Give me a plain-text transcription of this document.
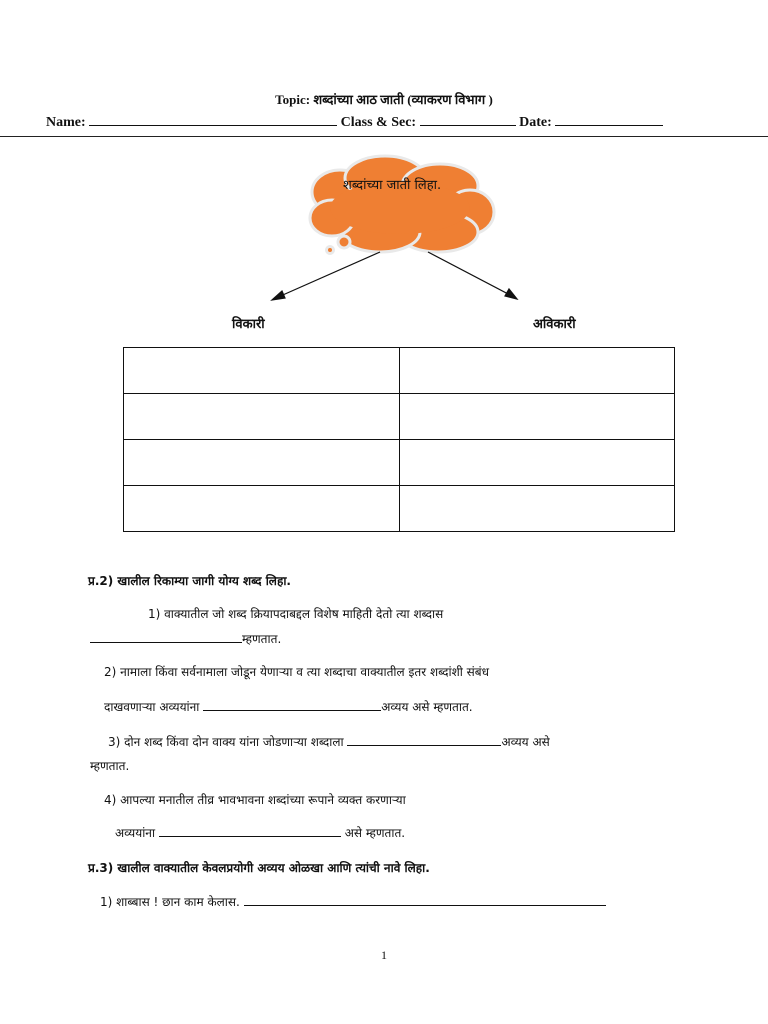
Topic: शब्दांच्या आठ जाती (व्याकरण विभाग )
Name:	Class & Sec:	Date:
शब्दांच्या जाती लिहा.
विकारी	अविकारी

प्र.2) खालील रिकाम्या जागी योग्य शब्द लिहा.
1) वाक्यातील जो शब्द क्रियापदाबद्दल विशेष माहिती देतो त्या शब्दास
म्हणतात.
2) नामाला किंवा सर्वनामाला जोडून येणाऱ्या व त्या शब्दाचा वाक्यातील इतर शब्दांशी संबंध
दाखवणाऱ्या अव्ययांना	अव्यय असे म्हणतात.
3) दोन शब्द किंवा दोन वाक्य यांना जोडणाऱ्या शब्दाला	अव्यय असे
म्हणतात.
4) आपल्या मनातील तीव्र भावभावना शब्दांच्या रूपाने व्यक्त करणाऱ्या
अव्ययांना	असे म्हणतात.
प्र.3) खालील वाक्यातील केवलप्रयोगी अव्यय ओळखा आणि त्यांची नावे लिहा.
1) शाब्बास ! छान काम केलास.
1
